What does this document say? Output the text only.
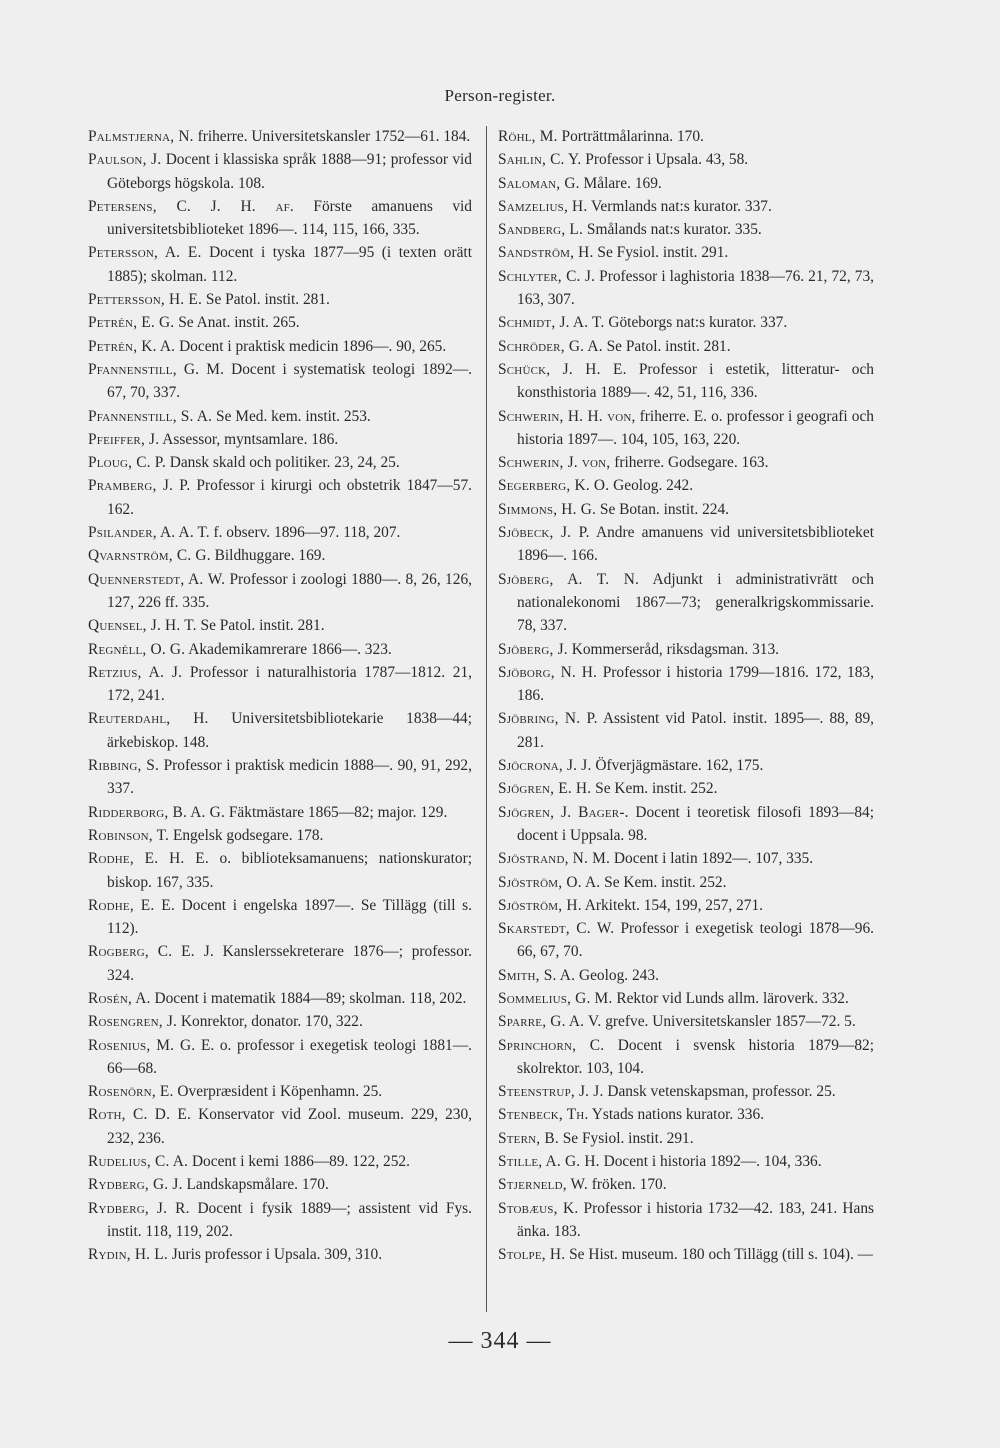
Person-register.

Palmstjerna, N. friherre. Universitetskansler 1752—61. 184.

Paulson, J. Docent i klassiska språk 1888—91; professor vid Göteborgs högskola. 108.

Petersens, C. J. H. af. Förste amanuens vid universitetsbiblioteket 1896—. 114, 115, 166, 335.

Petersson, A. E. Docent i tyska 1877—95 (i texten orätt 1885); skolman. 112.

Pettersson, H. E. Se Patol. instit. 281.

Petrén, E. G. Se Anat. instit. 265.

Petrén, K. A. Docent i praktisk medicin 1896—. 90, 265.

Pfannenstill, G. M. Docent i systematisk teologi 1892—. 67, 70, 337.

Pfannenstill, S. A. Se Med. kem. instit. 253.

Pfeiffer, J. Assessor, myntsamlare. 186.

Ploug, C. P. Dansk skald och politiker. 23, 24, 25.

Pramberg, J. P. Professor i kirurgi och obstetrik 1847—57. 162.

Psilander, A. A. T. f. observ. 1896—97. 118, 207.

Qvarnström, C. G. Bildhuggare. 169.

Quennerstedt, A. W. Professor i zoologi 1880—. 8, 26, 126, 127, 226 ff. 335.

Quensel, J. H. T. Se Patol. instit. 281.

Regnéll, O. G. Akademikamrerare 1866—. 323.

Retzius, A. J. Professor i naturalhistoria 1787—1812. 21, 172, 241.

Reuterdahl, H. Universitetsbibliotekarie 1838—44; ärkebiskop. 148.

Ribbing, S. Professor i praktisk medicin 1888—. 90, 91, 292, 337.

Ridderborg, B. A. G. Fäktmästare 1865—82; major. 129.

Robinson, T. Engelsk godsegare. 178.

Rodhe, E. H. E. o. biblioteksamanuens; nationskurator; biskop. 167, 335.

Rodhe, E. E. Docent i engelska 1897—. Se Tillägg (till s. 112).

Rogberg, C. E. J. Kanslerssekreterare 1876—; professor. 324.

Rosén, A. Docent i matematik 1884—89; skolman. 118, 202.

Rosengren, J. Konrektor, donator. 170, 322.

Rosenius, M. G. E. o. professor i exegetisk teologi 1881—. 66—68.

Rosenörn, E. Overpræsident i Köpenhamn. 25.

Roth, C. D. E. Konservator vid Zool. museum. 229, 230, 232, 236.

Rudelius, C. A. Docent i kemi 1886—89. 122, 252.

Rydberg, G. J. Landskapsmålare. 170.

Rydberg, J. R. Docent i fysik 1889—; assistent vid Fys. instit. 118, 119, 202.

Rydin, H. L. Juris professor i Upsala. 309, 310.

Röhl, M. Porträttmålarinna. 170.

Sahlin, C. Y. Professor i Upsala. 43, 58.

Saloman, G. Målare. 169.

Samzelius, H. Vermlands nat:s kurator. 337.

Sandberg, L. Smålands nat:s kurator. 335.

Sandström, H. Se Fysiol. instit. 291.

Schlyter, C. J. Professor i laghistoria 1838—76. 21, 72, 73, 163, 307.

Schmidt, J. A. T. Göteborgs nat:s kurator. 337.

Schröder, G. A. Se Patol. instit. 281.

Schück, J. H. E. Professor i estetik, litteratur- och konsthistoria 1889—. 42, 51, 116, 336.

Schwerin, H. H. von, friherre. E. o. professor i geografi och historia 1897—. 104, 105, 163, 220.

Schwerin, J. von, friherre. Godsegare. 163.

Segerberg, K. O. Geolog. 242.

Simmons, H. G. Se Botan. instit. 224.

Sjöbeck, J. P. Andre amanuens vid universitetsbiblioteket 1896—. 166.

Sjöberg, A. T. N. Adjunkt i administrativrätt och nationalekonomi 1867—73; generalkrigskommissarie. 78, 337.

Sjöberg, J. Kommerseråd, riksdagsman. 313.

Sjöborg, N. H. Professor i historia 1799—1816. 172, 183, 186.

Sjöbring, N. P. Assistent vid Patol. instit. 1895—. 88, 89, 281.

Sjöcrona, J. J. Öfverjägmästare. 162, 175.

Sjögren, E. H. Se Kem. instit. 252.

Sjögren, J. Bager-. Docent i teoretisk filosofi 1893—84; docent i Uppsala. 98.

Sjöstrand, N. M. Docent i latin 1892—. 107, 335.

Sjöström, O. A. Se Kem. instit. 252.

Sjöström, H. Arkitekt. 154, 199, 257, 271.

Skarstedt, C. W. Professor i exegetisk teologi 1878—96. 66, 67, 70.

Smith, S. A. Geolog. 243.

Sommelius, G. M. Rektor vid Lunds allm. läroverk. 332.

Sparre, G. A. V. grefve. Universitetskansler 1857—72. 5.

Sprinchorn, C. Docent i svensk historia 1879—82; skolrektor. 103, 104.

Steenstrup, J. J. Dansk vetenskapsman, professor. 25.

Stenbeck, Th. Ystads nations kurator. 336.

Stern, B. Se Fysiol. instit. 291.

Stille, A. G. H. Docent i historia 1892—. 104, 336.

Stjerneld, W. fröken. 170.

Stobæus, K. Professor i historia 1732—42. 183, 241. Hans änka. 183.

Stolpe, H. Se Hist. museum. 180 och Tillägg (till s. 104). —

— 344 —
